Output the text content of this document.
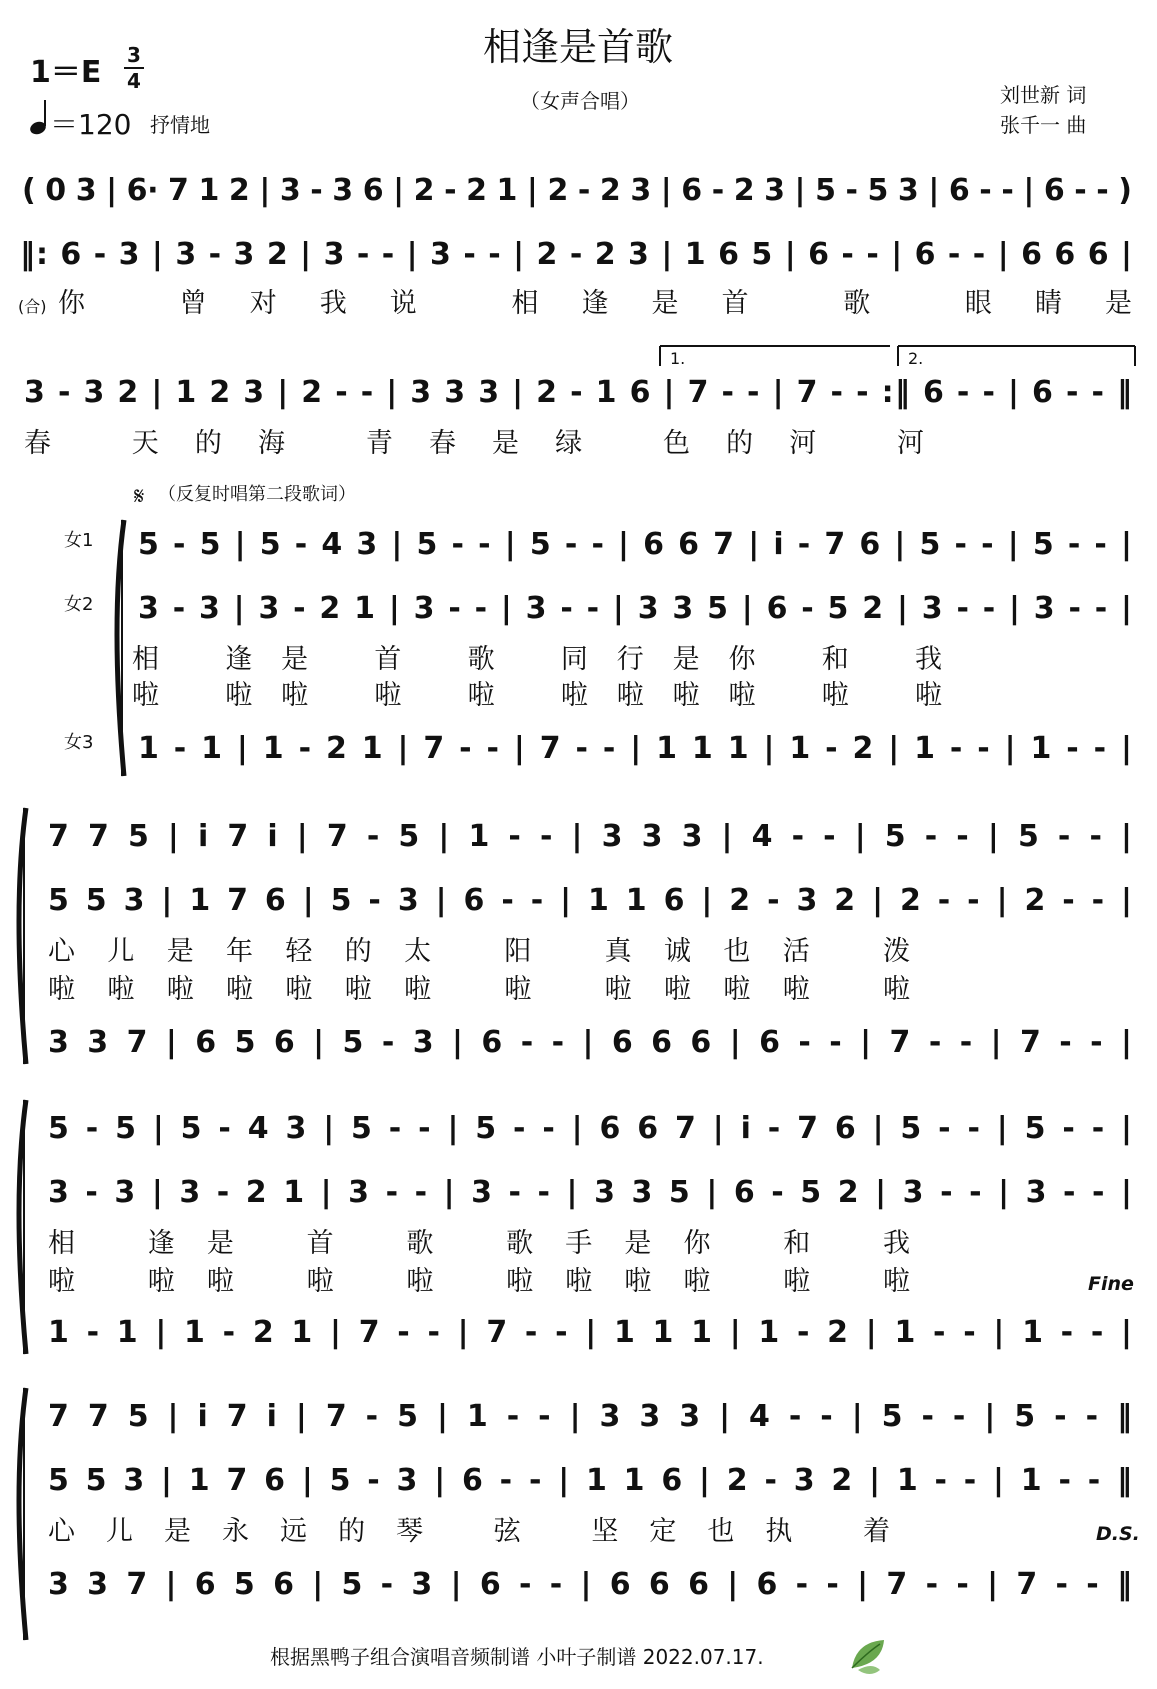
相逢是首歌
（女声合唱）
1＝E 3
4
＝120 抒情地
刘世新 词
张千一 曲
( 0 3 | 6· 7 1 2 | 3 - 3 6 | 2 - 2 1 | 2 - 2 3 | 6 - 2 3 | 5 - 5 3 | 6 - - | 6 - - )
(合)
‖: 6 - 3 | 3 - 3 2 | 3 - - | 3 - - | 2 - 2 3 | 1 6 5 | 6 - - | 6 - - | 6 6 6 |
你 曾对我说 相逢是首 歌 眼睛是
1.	2.
3 - 3 2 | 1 2 3 | 2 - - | 3 3 3 | 2 - 1 6 | 7 - - | 7 - - :‖ 6 - - | 6 - - ‖
春 天的海 青春是绿 色的河 河
𝄋 （反复时唱第二段歌词）
女1
女2
女3
5 - 5 | 5 - 4 3 | 5 - - | 5 - - | 6 6 7 | i - 7 6 | 5 - - | 5 - - |
3 - 3 | 3 - 2 1 | 3 - - | 3 - - | 3 3 5 | 6 - 5 2 | 3 - - | 3 - - |
相 逢是 首 歌 同行是你 和 我
啦 啦啦 啦 啦 啦啦啦啦 啦 啦
1 - 1 | 1 - 2 1 | 7 - - | 7 - - | 1 1 1 | 1 - 2 | 1 - - | 1 - - |
7 7 5 | i 7 i | 7 - 5 | 1 - - | 3 3 3 | 4 - - | 5 - - | 5 - - |
5 5 3 | 1 7 6 | 5 - 3 | 6 - - | 1 1 6 | 2 - 3 2 | 2 - - | 2 - - |
心儿是年轻的太 阳 真诚也活 泼
啦啦啦啦啦啦啦 啦 啦啦啦啦 啦
3 3 7 | 6 5 6 | 5 - 3 | 6 - - | 6 6 6 | 6 - - | 7 - - | 7 - - |
5 - 5 | 5 - 4 3 | 5 - - | 5 - - | 6 6 7 | i - 7 6 | 5 - - | 5 - - |
3 - 3 | 3 - 2 1 | 3 - - | 3 - - | 3 3 5 | 6 - 5 2 | 3 - - | 3 - - |
相 逢是 首 歌 歌手是你 和 我
啦 啦啦 啦 啦 啦啦啦啦 啦 啦	Fine
1 - 1 | 1 - 2 1 | 7 - - | 7 - - | 1 1 1 | 1 - 2 | 1 - - | 1 - - |
7 7 5 | i 7 i | 7 - 5 | 1 - - | 3 3 3 | 4 - - | 5 - - | 5 - - ‖
5 5 3 | 1 7 6 | 5 - 3 | 6 - - | 1 1 6 | 2 - 3 2 | 1 - - | 1 - - ‖
心儿是永远的琴 弦 坚定也执 着	D.S.
3 3 7 | 6 5 6 | 5 - 3 | 6 - - | 6 6 6 | 6 - - | 7 - - | 7 - - ‖
根据黑鸭子组合演唱音频制谱 小叶子制谱 2022.07.17.
